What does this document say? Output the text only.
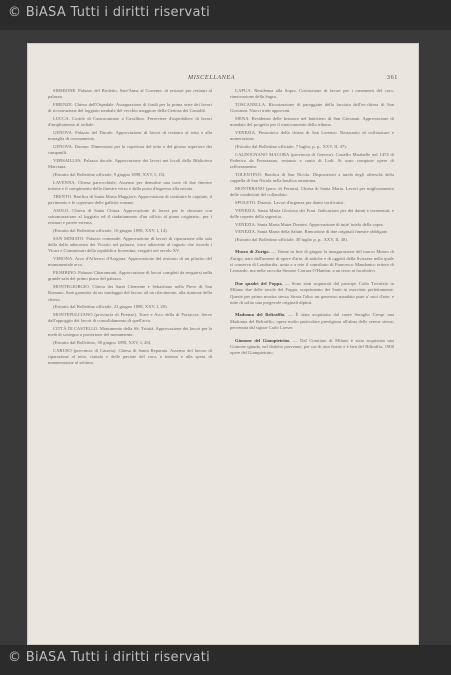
© BiASA Tutti i diritti riservati
MISCELLANEA	361

SIRMIONE. Palazzo del Broletto, Sant'Anna al Corrente, di restauri per restauri al palazzo.

FIRENZE. Chiesa dell'Ospedale. Assegnazione di fondi per la prima serie dei lavori di ricostruzione del loggiato tombale del vecchio maggiore della Certosa dei Gastaldi.

LUCCA. Cortile di Castracaniano a Cavallino. Ferroviere d'ospedaliere di lavori d'ampliamento al sediale.

GENOVA. Palazzo del Ducale. Approvazione di lavori di restauro al tetto e alla muraglia di coronamento.

GENOVA. Duomo. Dimensioni per la copertura del tetto e del giorno superiore dei campanili.

VERSAILLES. Palazzo ducale. Approvazione dei lavori nei locali della Biblioteca Marciana.

(Estratto dal Bollettino ufficiale, 9 giugno 1898, XXV, I, 15).

LAVENNA. Chiesa parrocchiale, Assenso per demolire una torre di due finestre interne e il compimento della finestre verso e della porta d'ingresso alla navata.

TRENTO. Basilica di Santa Maria Maggiore. Approvazione di sostituire le capriate, il pavimento e le coperture delle gallerie romane.

ASOLO. Chiesa di Santa Chiara. Approvazione di lavori per le chiusure con sottomurazione al loggiato ed il riadattamento d'un ufficio al piano originario, per i restauri e parete esterna.

(Estratto dal Bollettino ufficiale, 16 giugno 1898, XXV, I, 14).

SAN MINIATO. Palazzo comunale. Approvazione di lavori di riparazione alla sala della dalla adiacenza dei Vicario nel palazzo, torre adiacente al tugurio che ricorda i Vicari e Commissari della repubblica fiorentina, eseguiti nel secolo XV.

VERONA. Arco d'Affresco d'Aragona. Approvazione del restauro di un pilastro del monumentale arco.

PIOMBINO. Palazzo Chiaramonti. Approvazione di lavori completi da eseguirsi nella grande sala del primo piano del palazzo.

MONTEGIORGIO. Chiesa dei Santi Clemente e Sebastiano nella Pieve di San Romano. Sarà garantita da un sondaggio del lavoro ad un rifacimento, alla riunione della chiesa.

(Estratto dal Bollettino ufficiale, 23 giugno 1898, XXV, I, 20).

MONTEPULCIANO (provincia di Firenze). Torre e Arco della di Portaccia. Serve dall'appoggio dei lavori di consolidamento di quell'arco.

CITTÀ DI CASTELLO. Monumento della SS. Trinità. Approvazione dei lavori per la metà di sostegno a protezione del monumento.

(Estratto dal Bollettino, 30 giugno 1898, XXV, I, 26).

CARUSO (provincia di Caserta). Chiesa di Santa Reparata. Assenso del lavoro di riparazione al tetto, riattato e delle paviate del coro, e interno e alla spesa di manutenzione al settimo.

CAPUA. Residenza alla Sopra. Costruzione di lavori per i ornamenti del coro, rinnovazione della Sagra.

TOSCANELLA. Ricostruzione di pareggiate della facciata dell'ex-chiesa di San Giovanni. Nuovi tratti approvati.

SIENA. Residenza delle Instance nel battistero di San Giovanni. Approvazione di mandato del progetto per il rinnovamento della tribuna.

VENEZIA. Pinacoteca della chiesa di San Lorenzo. Restaurato di cuffiarature e numerazione.

(Estratto dal Bollettino ufficiale, 7 luglio, p. p., XXV, II, 47).

CALDOGNANO MACORA (provincia di Genova). Castello Mirabelle nel 1474 di Federico da Ferrazzano, restauro a conto di Lodi. Si sono compiute opere di rafforzamento.

TOLENTINO. Basilica di San Nicola. Disposizioni a tutela degli affreschi della cappella di San Nicola nella basilica omonima.

MONTERANO (prov. di Ferrara). Chiesa di Santa Maria. Lavori per miglioramento delle condizioni del collaudato.

SPOLETO. Duomo. Lavori d'urgenza per danni verificatisi.

VENEZIA. Santa Maria Gloriosa dei Frari. Indicazioni per dei danni e tormentati, e delle coperte della sagrestia.

VENEZIA. Santa Maria Mater Domini. Approvazione di tutte' tutelo della capra.

VENEZIA. Santa Maria della Salute. Rimozione di due originali finestre obbligate.

(Estratto dal Bollettino ufficiale, 30 luglio p. p., XXV, II, 48).

Museo di Zurigo. — Venne in fine di giugno la inaugurazione del nuovo Museo di Zurigo, nato dall'unione di opere d'arte, di antiche e di oggetti della Svizzera nella quale si conserva di Lombardia, unita e a rete il contributo di Francesco Mandanico rettore di Leonardo, ma nella raccolta Simone Carrara O'Hanlon, a un terzo ai facoltativi.

Due quadri del Foppa. — Sono stati acquistati dal principe Carlo Trivulzio in Milano due delle tavole del Foppa, scoprimento dei Santi in esercitati perfettamente. Queste per primo mostra stesso Storia l'altro un generoso mandato pure a' suoi d'arte, e tutte di solito una pregevole originali dipinti.

Madonna del Beltraffio. — È stata acquistata dal conte Seraglio Crespi una Madonna del Beltraffio, opera molto particolare prestigiosa all'alma delle serene stesse, pervenuta dal signor Carlo Loeser.

Giunone del Giampietrino. — Dal Comitato di Milano è stata acquistata una Giunone ignuda, nel dialetto parvenne, per cui di una fronte e è ben del Biltraffio, 1900 opere del Giampietrino.

© BiASA Tutti i diritti riservati
